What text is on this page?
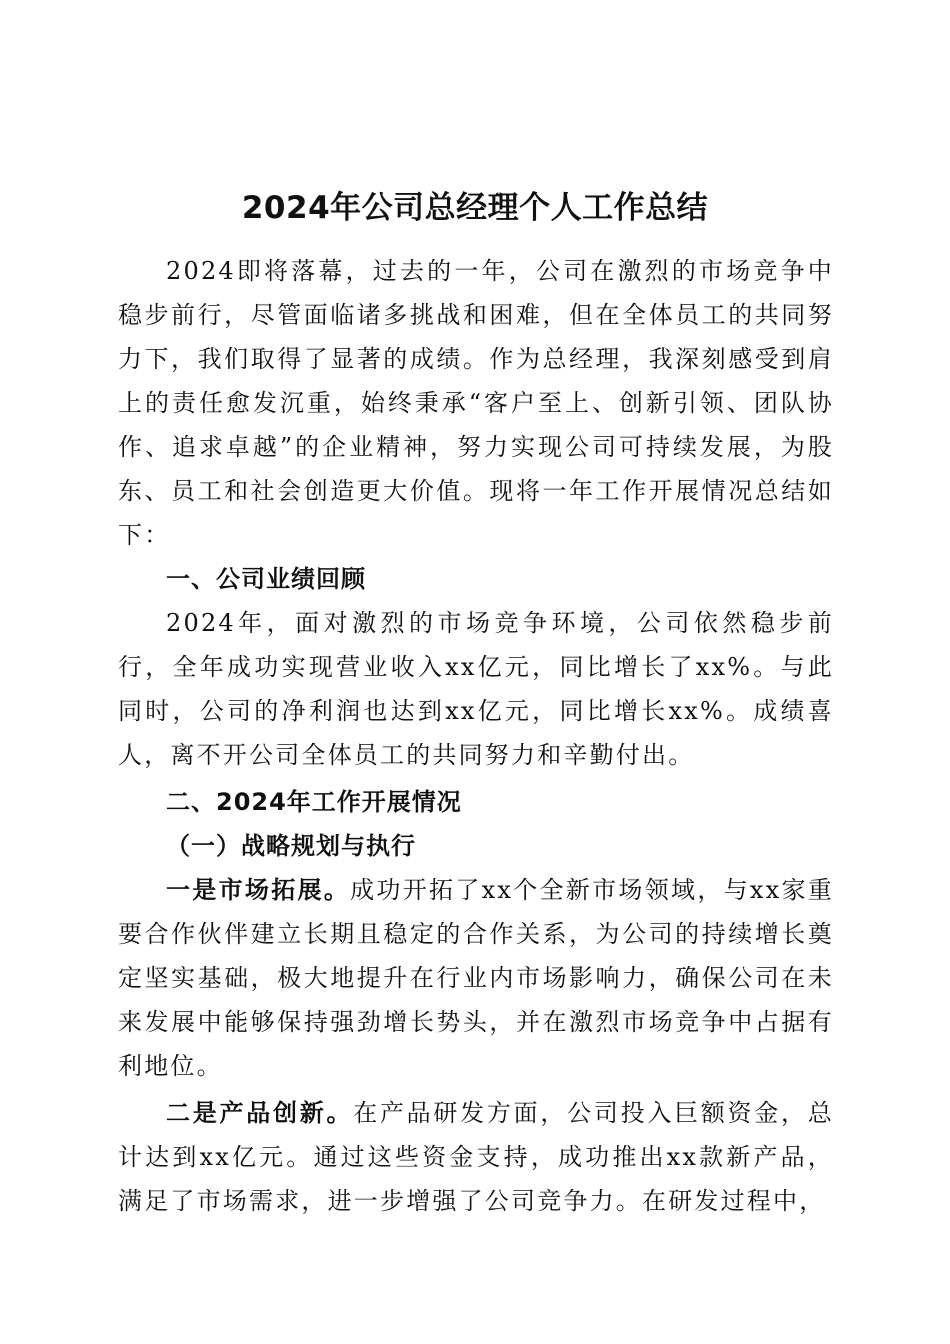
2024年公司总经理个人工作总结

2024即将落幕，过去的一年，公司在激烈的市场竞争中稳步前行，尽管面临诸多挑战和困难，但在全体员工的共同努力下，我们取得了显著的成绩。作为总经理，我深刻感受到肩上的责任愈发沉重，始终秉承“客户至上、创新引领、团队协作、追求卓越”的企业精神，努力实现公司可持续发展，为股东、员工和社会创造更大价值。现将一年工作开展情况总结如下：

一、公司业绩回顾

2024年，面对激烈的市场竞争环境，公司依然稳步前行，全年成功实现营业收入xx亿元，同比增长了xx%。与此同时，公司的净利润也达到xx亿元，同比增长xx%。成绩喜人，离不开公司全体员工的共同努力和辛勤付出。

二、2024年工作开展情况

（一）战略规划与执行

一是市场拓展。成功开拓了xx个全新市场领域，与xx家重要合作伙伴建立长期且稳定的合作关系，为公司的持续增长奠定坚实基础，极大地提升在行业内市场影响力，确保公司在未来发展中能够保持强劲增长势头，并在激烈市场竞争中占据有利地位。

二是产品创新。在产品研发方面，公司投入巨额资金，总计达到xx亿元。通过这些资金支持，成功推出xx款新产品，满足了市场需求，进一步增强了公司竞争力。在研发过程中，
